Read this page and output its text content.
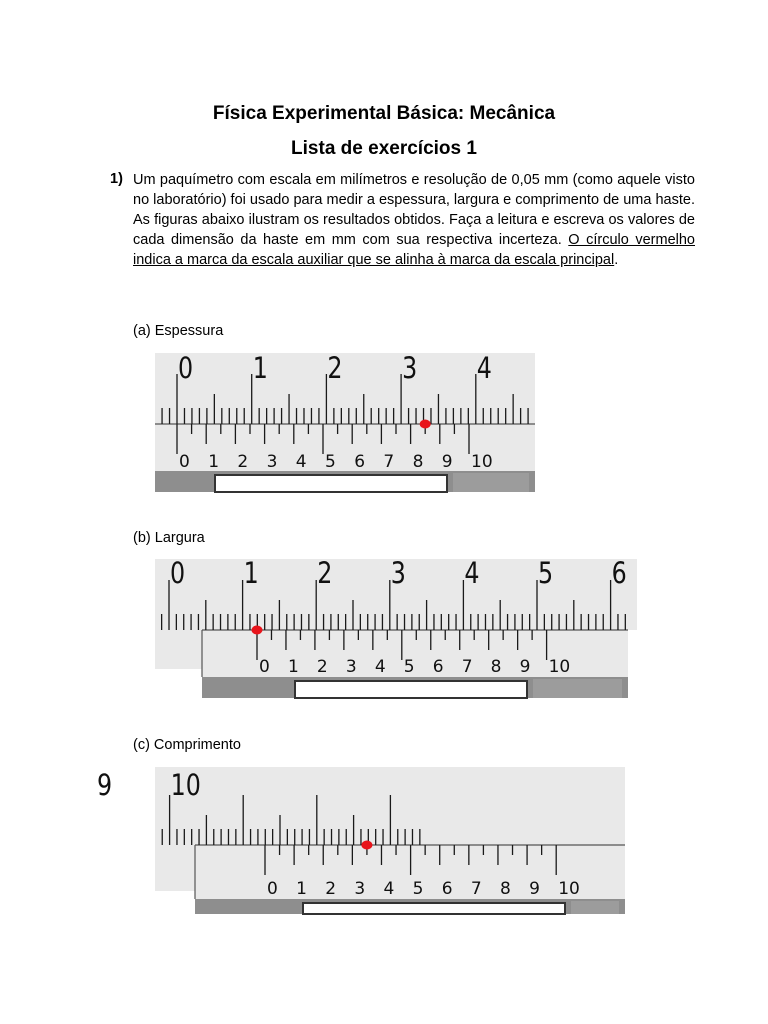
Física Experimental Básica: Mecânica
Lista de exercícios 1
1) Um paquímetro com escala em milímetros e resolução de 0,05 mm (como aquele visto no laboratório) foi usado para medir a espessura, largura e comprimento de uma haste. As figuras abaixo ilustram os resultados obtidos. Faça a leitura e escreva os valores de cada dimensão da haste em mm com sua respectiva incerteza. O círculo vermelho indica a marca da escala auxiliar que se alinha à marca da escala principal.
(a) Espessura
0 1 2 3 4
0 1 2 3 4 5 6 7 8 9 10
(b) Largura
0 1 2 3 4 5 6
0 1 2 3 4 5 6 7 8 9 10
(c) Comprimento
9 10
0 1 2 3 4 5 6 7 8 9 10
